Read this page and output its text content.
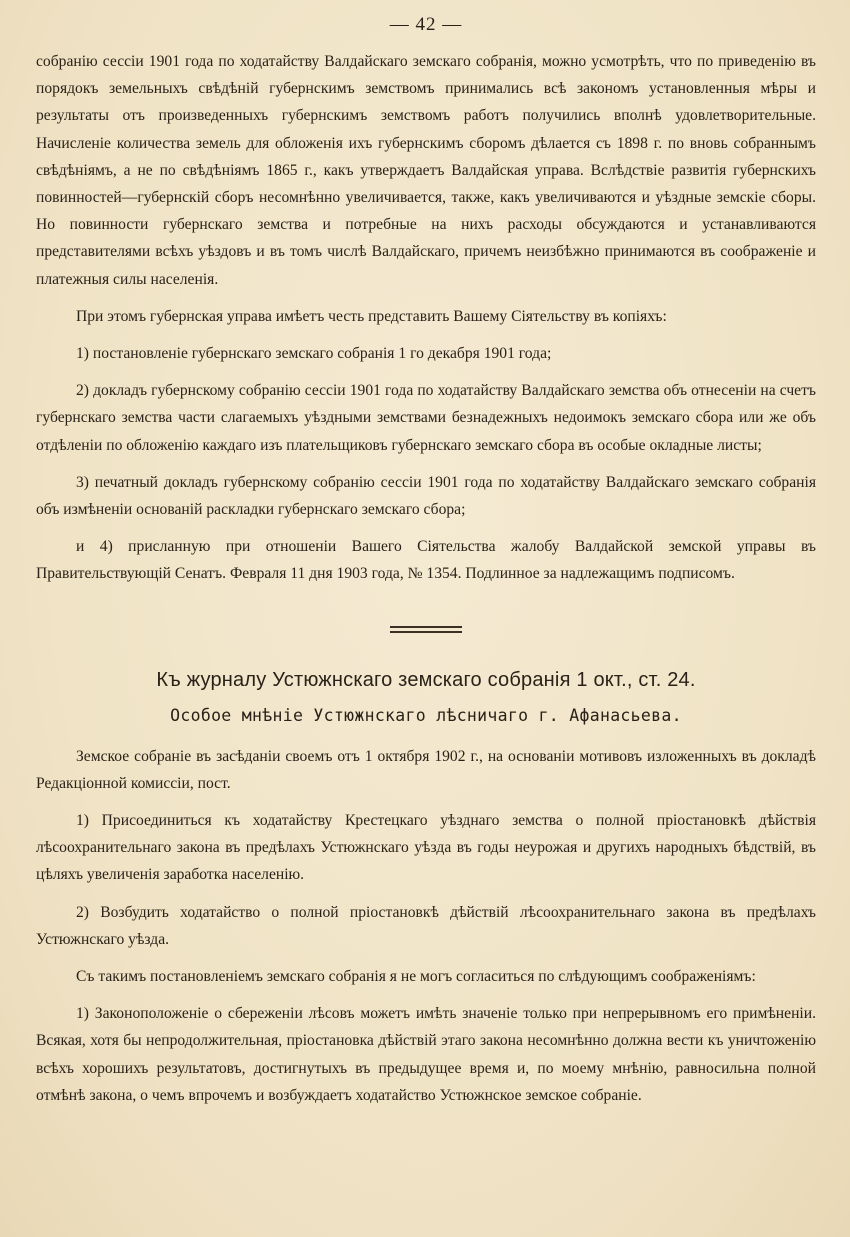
— 42 —

собранію сессіи 1901 года по ходатайству Валдайскаго земскаго собранія, можно усмотрѣть, что по приведенію въ порядокъ земельныхъ свѣдѣній губернскимъ земствомъ принимались всѣ закономъ установленныя мѣры и результаты отъ произведенныхъ губернскимъ земствомъ работъ получились вполнѣ удовлетворительные. Начисленіе количества земель для обложенія ихъ губернскимъ сборомъ дѣлается съ 1898 г. по вновь собраннымъ свѣдѣніямъ, а не по свѣдѣніямъ 1865 г., какъ утверждаетъ Валдайская управа. Вслѣдствіе развитія губернскихъ повинностей—губернскій сборъ несомнѣнно увеличивается, также, какъ увеличиваются и уѣздные земскіе сборы. Но повинности губернскаго земства и потребные на нихъ расходы обсуждаются и устанавливаются представителями всѣхъ уѣздовъ и въ томъ числѣ Валдайскаго, причемъ неизбѣжно принимаются въ соображеніе и платежныя силы населенія.

При этомъ губернская управа имѣетъ честь представить Вашему Сіятельству въ копіяхъ:

1) постановленіе губернскаго земскаго собранія 1 го декабря 1901 года;

2) докладъ губернскому собранію сессіи 1901 года по ходатайству Валдайскаго земства объ отнесеніи на счетъ губернскаго земства части слагаемыхъ уѣздными земствами безнадежныхъ недоимокъ земскаго сбора или же объ отдѣленіи по обложенію каждаго изъ плательщиковъ губернскаго земскаго сбора въ особые окладные листы;

3) печатный докладъ губернскому собранію сессіи 1901 года по ходатайству Валдайскаго земскаго собранія объ измѣненіи основаній раскладки губернскаго земскаго сбора;

и 4) присланную при отношеніи Вашего Сіятельства жалобу Валдайской земской управы въ Правительствующій Сенатъ. Февраля 11 дня 1903 года, № 1354. Подлинное за надлежащимъ подписомъ.

Къ журналу Устюжнскаго земскаго собранія 1 окт., ст. 24.
Особое мнѣніе Устюжнскаго лѣсничаго г. Афанасьева.

Земское собраніе въ засѣданіи своемъ отъ 1 октября 1902 г., на основаніи мотивовъ изложенныхъ въ докладѣ Редакціонной комиссіи, пост.

1) Присоединиться къ ходатайству Крестецкаго уѣзднаго земства о полной пріостановкѣ дѣйствія лѣсоохранительнаго закона въ предѣлахъ Устюжнскаго уѣзда въ годы неурожая и другихъ народныхъ бѣдствій, въ цѣляхъ увеличенія заработка населенію.

2) Возбудить ходатайство о полной пріостановкѣ дѣйствій лѣсоохранительнаго закона въ предѣлахъ Устюжнскаго уѣзда.

Съ такимъ постановленіемъ земскаго собранія я не могъ согласиться по слѣдующимъ соображеніямъ:

1) Законоположеніе о сбереженіи лѣсовъ можетъ имѣть значеніе только при непрерывномъ его примѣненіи. Всякая, хотя бы непродолжительная, пріостановка дѣйствій этаго закона несомнѣнно должна вести къ уничтоженію всѣхъ хорошихъ результатовъ, достигнутыхъ въ предыдущее время и, по моему мнѣнію, равносильна полной отмѣнѣ закона, о чемъ впрочемъ и возбуждаетъ ходатайство Устюжнское земское собраніе.
